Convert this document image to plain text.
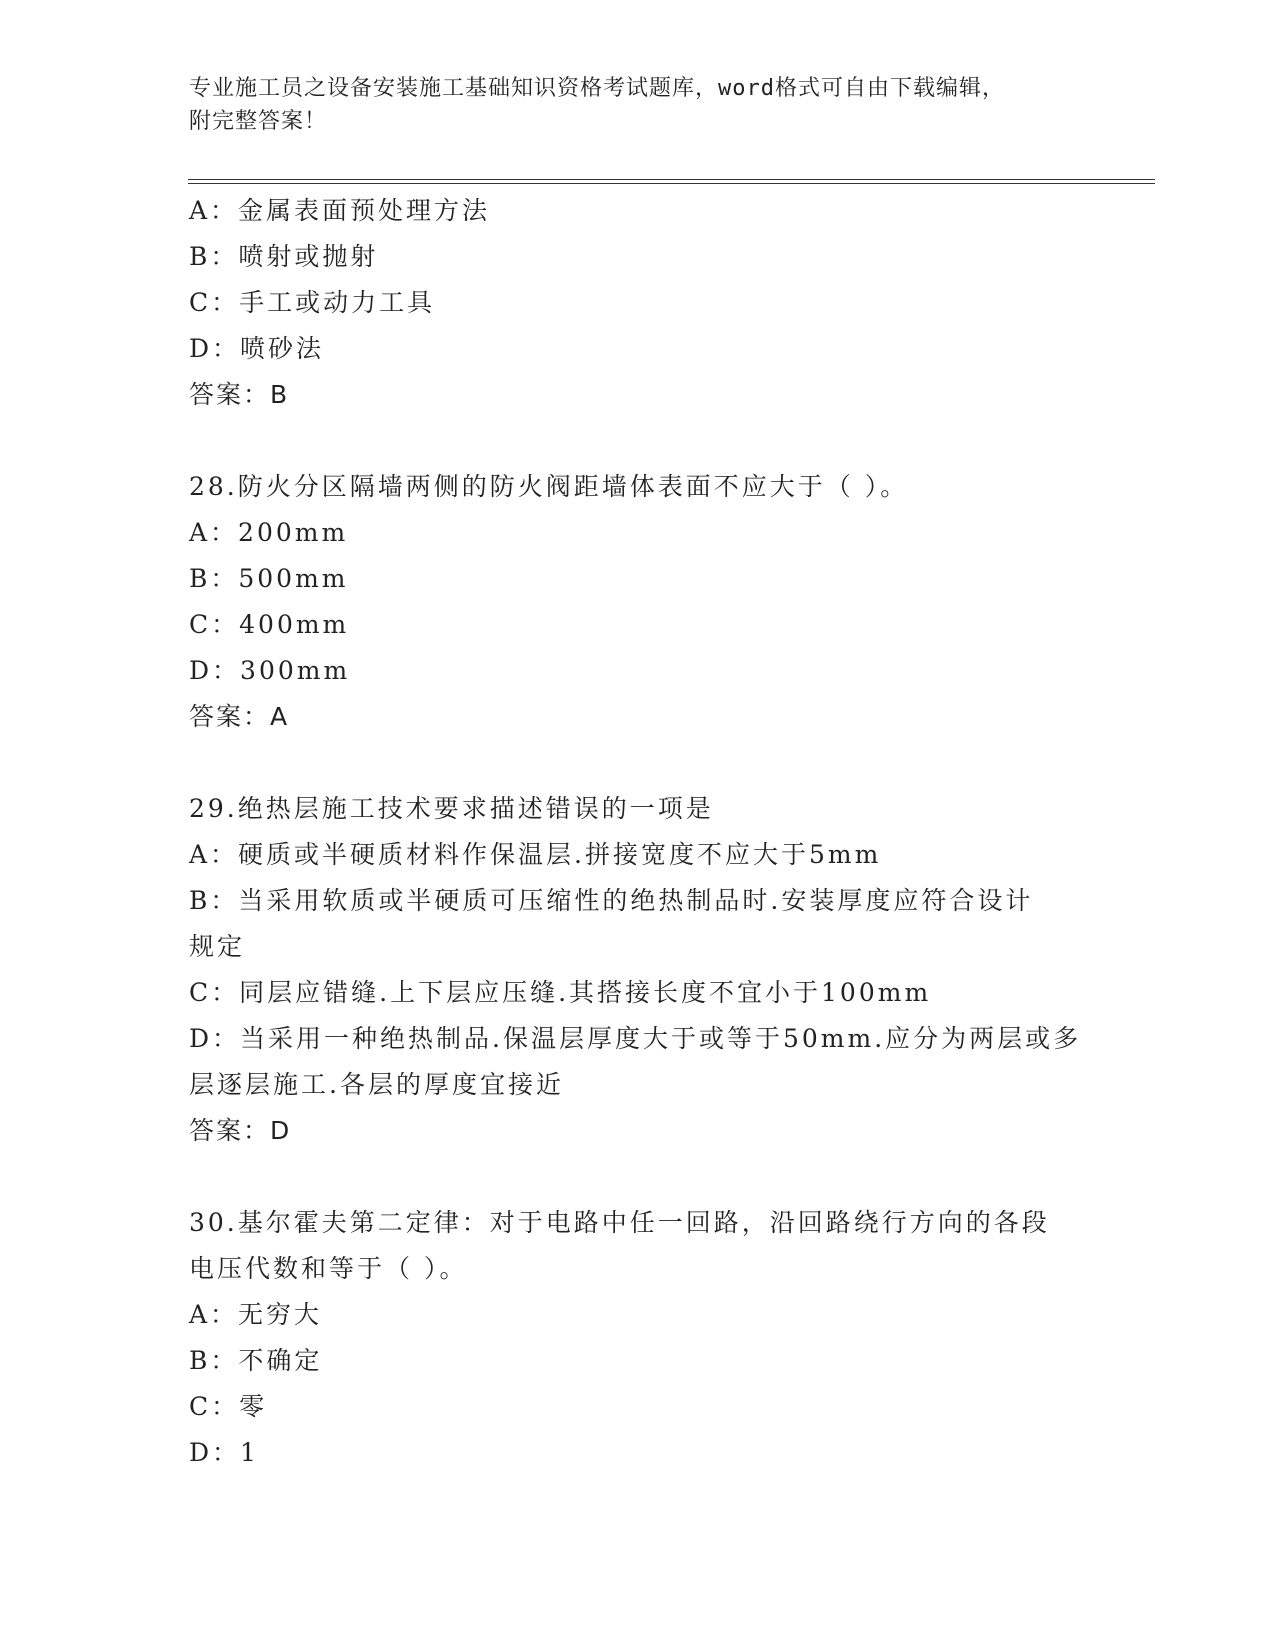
专业施工员之设备安装施工基础知识资格考试题库，word格式可自由下载编辑，
附完整答案！
A：金属表面预处理方法
B：喷射或抛射
C：手工或动力工具
D：喷砂法
答案：B
28.防火分区隔墙两侧的防火阀距墙体表面不应大于（ ）。
A：200mm
B：500mm
C：400mm
D：300mm
答案：A
29.绝热层施工技术要求描述错误的一项是
A：硬质或半硬质材料作保温层.拼接宽度不应大于5mm
B：当采用软质或半硬质可压缩性的绝热制品时.安装厚度应符合设计
规定
C：同层应错缝.上下层应压缝.其搭接长度不宜小于100mm
D：当采用一种绝热制品.保温层厚度大于或等于50mm.应分为两层或多
层逐层施工.各层的厚度宜接近
答案：D
30.基尔霍夫第二定律：对于电路中任一回路，沿回路绕行方向的各段
电压代数和等于（ ）。
A：无穷大
B：不确定
C：零
D：1
